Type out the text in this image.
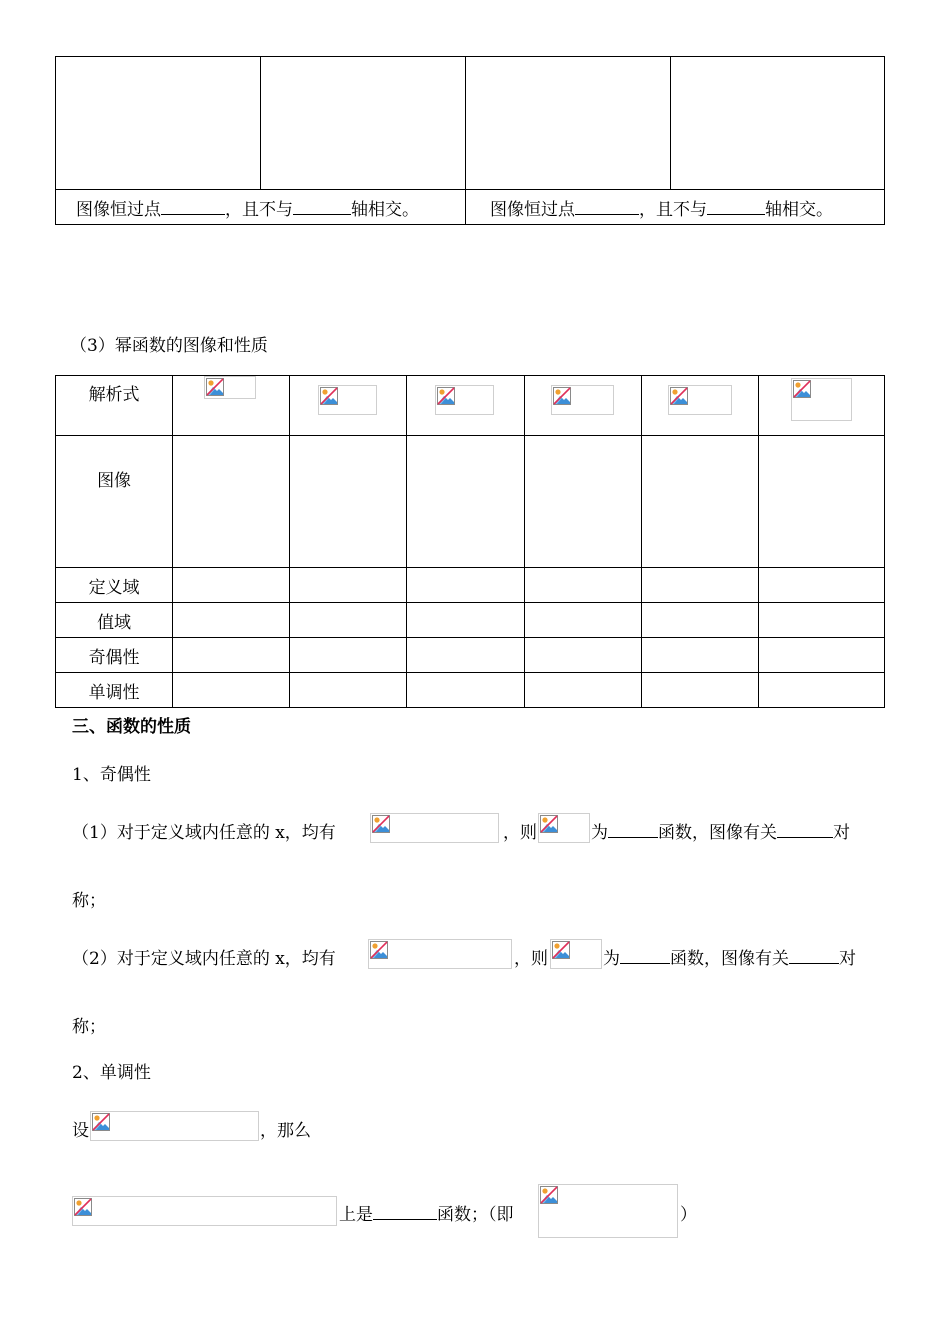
图像恒过点 ，且不与 轴相交。		图像恒过点 ，且不与 轴相交。	
（3）幂函数的图像和性质
解析式						
图像						
定义域						
值域						
奇偶性						
单调性						
三、函数的性质
1、奇偶性
（1）对于定义域内任意的 x，均有	，则	为	函数，图像有关	对
称；
（2）对于定义域内任意的 x，均有	，则	为	函数，图像有关	对
称；
2、单调性
设	，那么
上是	函数；（即	）
